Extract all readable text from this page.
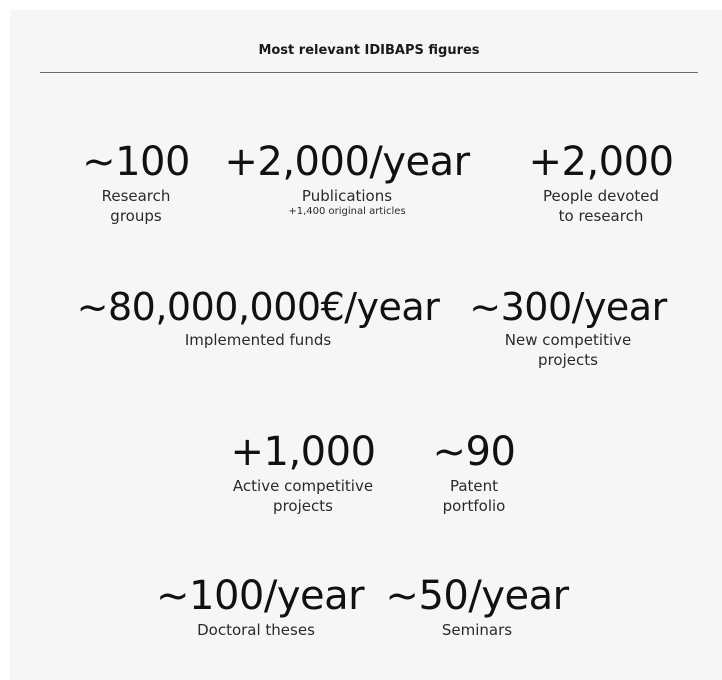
Most relevant IDIBAPS figures
~100
Research
groups
+2,000/year
Publications
+1,400 original articles
+2,000
People devoted
to research
~80,000,000€/year
Implemented funds
~300/year
New competitive
projects
+1,000
Active competitive
projects
~90
Patent
portfolio
~100/year
Doctoral theses
~50/year
Seminars
